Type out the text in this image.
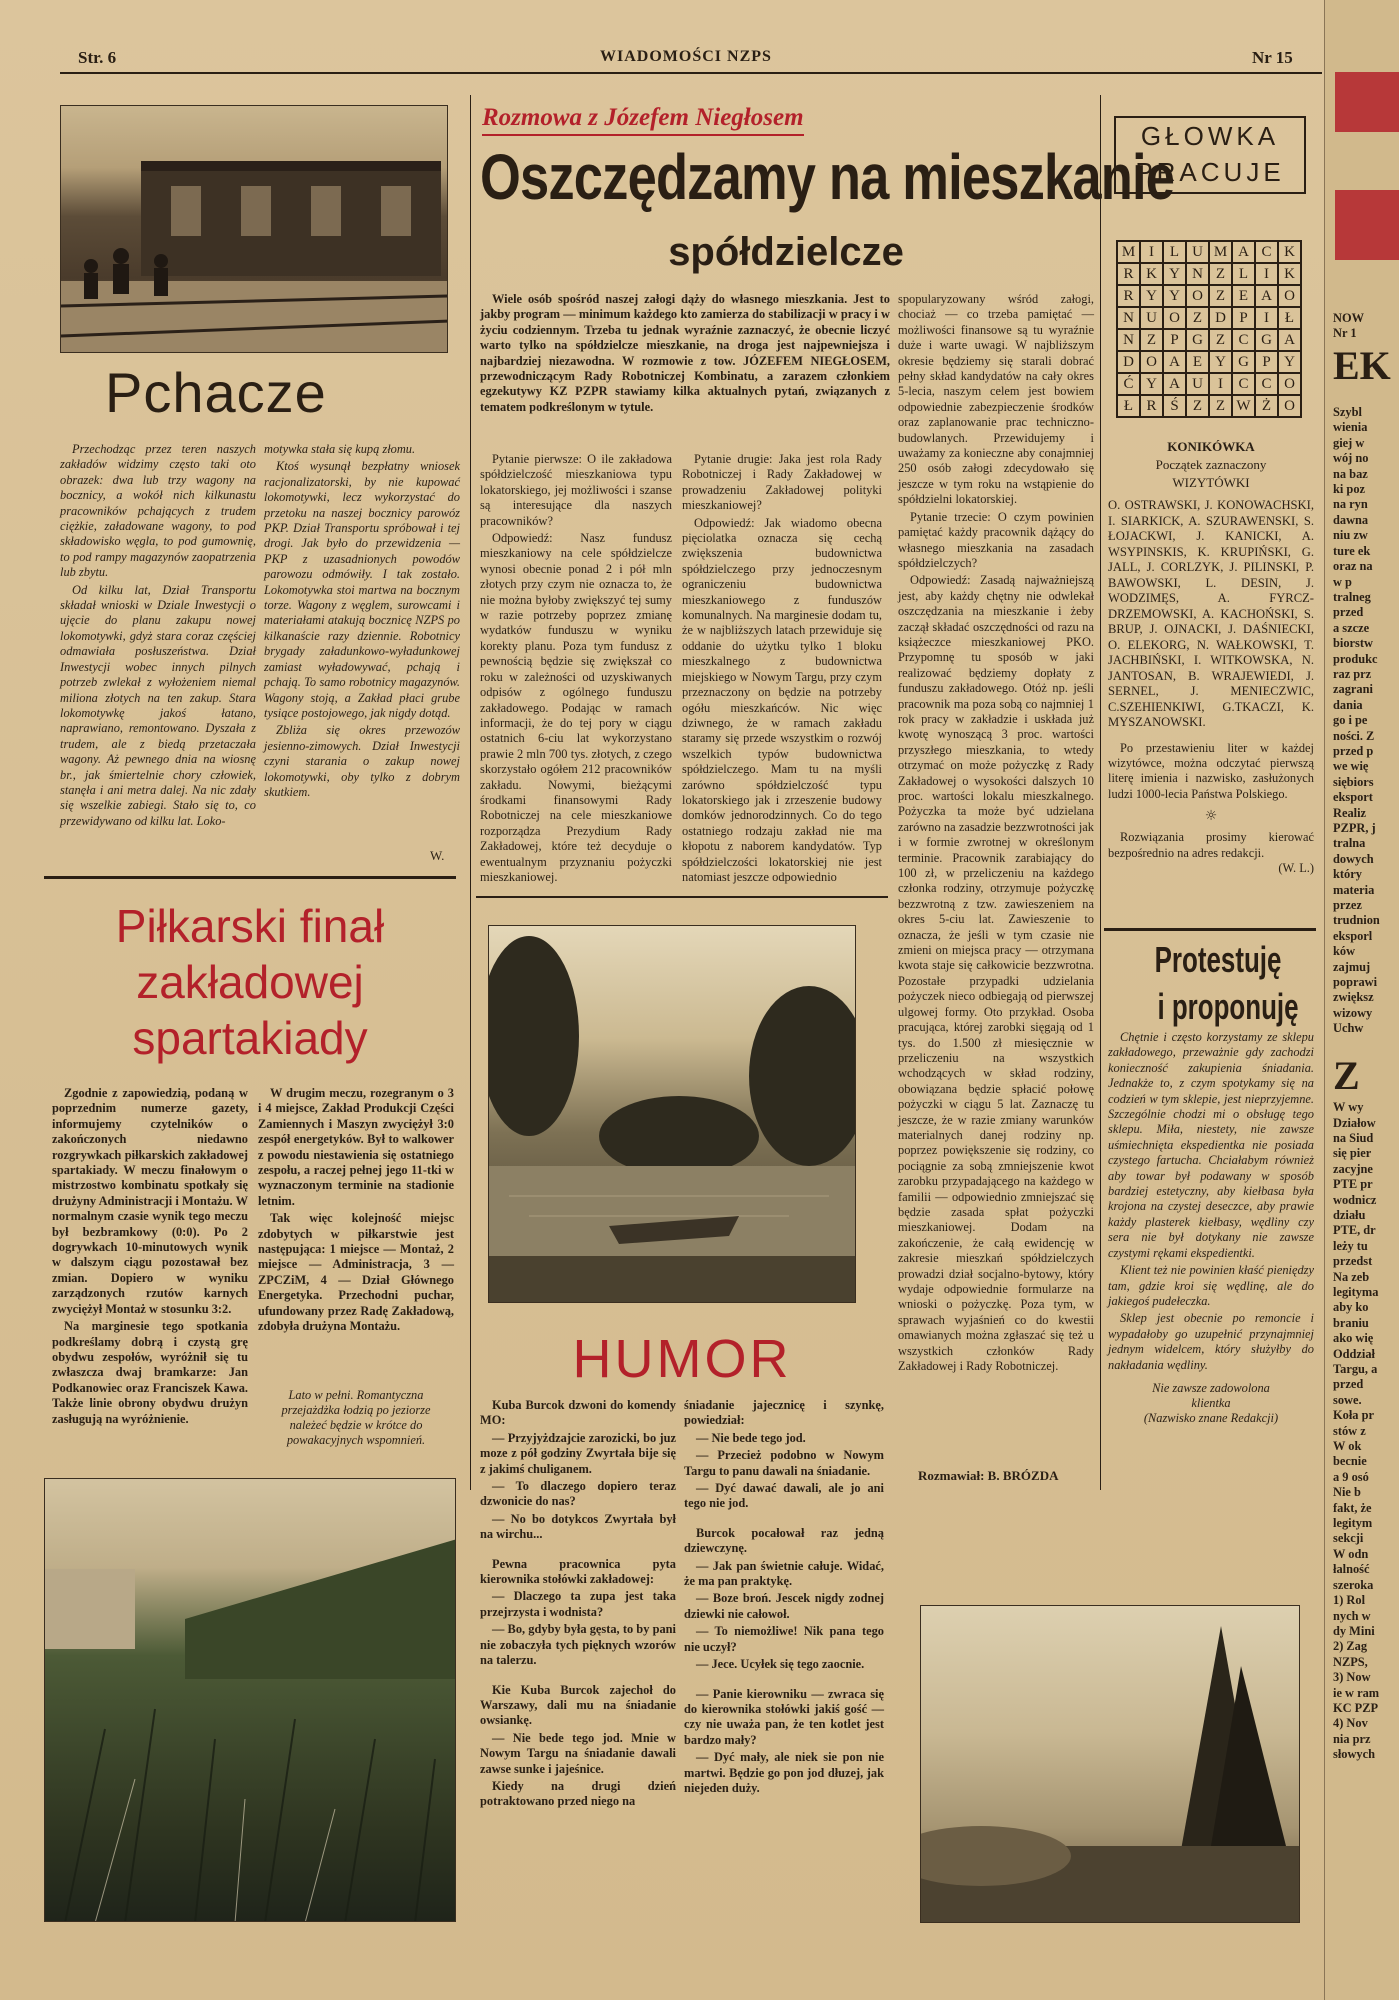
Str. 6	WIADOMOŚCI NZPS	Nr 15
Pchacze

Przechodząc przez teren naszych zakładów widzimy często taki oto obrazek: dwa lub trzy wagony na bocznicy, a wokół nich kilkunastu pracowników pchających z trudem ciężkie, załadowane wagony, to pod składowisko węgla, to pod gumownię, to pod rampy magazynów zaopatrzenia lub zbytu.

Od kilku lat, Dział Transportu składał wnioski w Dziale Inwestycji o ujęcie do planu zakupu nowej lokomotywki, gdyż stara coraz częściej odmawiała posłuszeństwa. Dział Inwestycji wobec innych pilnych potrzeb zwlekał z wyłożeniem niemal miliona złotych na ten zakup. Stara lokomotywkę jakoś łatano, naprawiano, remontowano. Dyszała z trudem, ale z biedą przetaczała wagony. Aż pewnego dnia na wiosnę br., jak śmiertelnie chory człowiek, stanęła i ani metra dalej. Na nic zdały się wszelkie zabiegi. Stało się to, co przewidywano od kilku lat. Loko-

motywka stała się kupą złomu.

Ktoś wysunął bezpłatny wniosek racjonalizatorski, by nie kupować lokomotywki, lecz wykorzystać do przetoku na naszej bocznicy parowóz PKP. Dział Transportu spróbował i tej drogi. Jak było do przewidzenia — PKP z uzasadnionych powodów parowozu odmówiły. I tak zostało. Lokomotywka stoi martwa na bocznym torze. Wagony z węglem, surowcami i materiałami atakują bocznicę NZPS po kilkanaście razy dziennie. Robotnicy brygady załadunkowo-wyładunkowej zamiast wyładowywać, pchają i pchają. To samo robotnicy magazynów. Wagony stoją, a Zakład płaci grube tysiące postojowego, jak nigdy dotąd.

Zbliża się okres przewozów jesienno-zimowych. Dział Inwestycji czyni starania o zakup nowej lokomotywki, oby tylko z dobrym skutkiem.

W.
Piłkarski finał
zakładowej
spartakiady

Zgodnie z zapowiedzią, podaną w poprzednim numerze gazety, informujemy czytelników o zakończonych niedawno rozgrywkach piłkarskich zakładowej spartakiady. W meczu finałowym o mistrzostwo kombinatu spotkały się drużyny Administracji i Montażu. W normalnym czasie wynik tego meczu był bezbramkowy (0:0). Po 2 dogrywkach 10-minutowych wynik w dalszym ciągu pozostawał bez zmian. Dopiero w wyniku zarządzonych rzutów karnych zwyciężył Montaż w stosunku 3:2.

Na marginesie tego spotkania podkreślamy dobrą i czystą grę obydwu zespołów, wyróżnił się tu zwłaszcza dwaj bramkarze: Jan Podkanowiec oraz Franciszek Kawa. Także linie obrony obydwu drużyn zasługują na wyróżnienie.

W drugim meczu, rozegranym o 3 i 4 miejsce, Zakład Produkcji Części Zamiennych i Maszyn zwyciężył 3:0 zespół energetyków. Był to walkower z powodu niestawienia się ostatniego zespołu, a raczej pełnej jego 11-tki w wyznaczonym terminie na stadionie letnim.

Tak więc kolejność miejsc zdobytych w piłkarstwie jest następująca: 1 miejsce — Montaż, 2 miejsce — Administracja, 3 — ZPCZiM, 4 — Dział Głównego Energetyka. Przechodni puchar, ufundowany przez Radę Zakładową, zdobyła drużyna Montażu.

Lato w pełni. Romantyczna przejażdżka łodzią po jeziorze należeć będzie w krótce do powakacyjnych wspomnień.
Rozmowa z Józefem Niegłosem
Oszczędzamy na mieszkanie
spółdzielcze

Wiele osób spośród naszej załogi dąży do własnego mieszkania. Jest to jakby program — minimum każdego kto zamierza do stabilizacji w pracy i w życiu codziennym. Trzeba tu jednak wyraźnie zaznaczyć, że obecnie liczyć warto tylko na spółdzielcze mieszkanie, na droga jest najpewniejsza i najbardziej niezawodna. W rozmowie z tow. JÓZEFEM NIEGŁOSEM, przewodniczącym Rady Robotniczej Kombinatu, a zarazem członkiem egzekutywy KZ PZPR stawiamy kilka aktualnych pytań, związanych z tematem podkreślonym w tytule.

Pytanie pierwsze: O ile zakładowa spółdzielczość mieszkaniowa typu lokatorskiego, jej możliwości i szanse są interesujące dla naszych pracowników?

Odpowiedź: Nasz fundusz mieszkaniowy na cele spółdzielcze wynosi obecnie ponad 2 i pół mln złotych przy czym nie oznacza to, że nie można byłoby zwiększyć tej sumy w razie potrzeby poprzez zmianę wydatków funduszu w wyniku korekty planu. Poza tym fundusz z pewnością będzie się zwiększał co roku w zależności od uzyskiwanych odpisów z ogólnego funduszu zakładowego. Podając w ramach informacji, że do tej pory w ciągu ostatnich 6-ciu lat wykorzystano prawie 2 mln 700 tys. złotych, z czego skorzystało ogółem 212 pracowników zakładu. Nowymi, bieżącymi środkami finansowymi Rady Robotniczej na cele mieszkaniowe rozporządza Prezydium Rady Zakładowej, które też decyduje o ewentualnym przyznaniu pożyczki mieszkaniowej.

Pytanie drugie: Jaka jest rola Rady Robotniczej i Rady Zakładowej w prowadzeniu Zakładowej polityki mieszkaniowej?

Odpowiedź: Jak wiadomo obecna pięciolatka oznacza się cechą zwiększenia budownictwa spółdzielczego przy jednoczesnym ograniczeniu budownictwa mieszkaniowego z funduszów komunalnych. Na marginesie dodam tu, że w najbliższych latach przewiduje się oddanie do użytku tylko 1 bloku mieszkalnego z budownictwa miejskiego w Nowym Targu, przy czym przeznaczony on będzie na potrzeby ogółu mieszkańców. Nic więc dziwnego, że w ramach zakładu staramy się przede wszystkim o rozwój wszelkich typów budownictwa spółdzielczego. Mam tu na myśli zarówno spółdzielczość typu lokatorskiego jak i zrzeszenie budowy domków jednorodzinnych. Co do tego ostatniego rodzaju zakład nie ma kłopotu z naborem kandydatów. Typ spółdzielczości lokatorskiej nie jest natomiast jeszcze odpowiednio

spopularyzowany wśród załogi, chociaż — co trzeba pamiętać — możliwości finansowe są tu wyraźnie duże i warte uwagi. W najbliższym okresie będziemy się starali dobrać pełny skład kandydatów na cały okres 5-lecia, naszym celem jest bowiem odpowiednie zabezpieczenie środków oraz zaplanowanie prac techniczno-budowlanych. Przewidujemy i uważamy za konieczne aby conajmniej 250 osób załogi zdecydowało się jeszcze w tym roku na wstąpienie do spółdzielni lokatorskiej.

Pytanie trzecie: O czym powinien pamiętać każdy pracownik dążący do własnego mieszkania na zasadach spółdzielczych?

Odpowiedź: Zasadą najważniejszą jest, aby każdy chętny nie odwlekał oszczędzania na mieszkanie i żeby zaczął składać oszczędności od razu na książeczce mieszkaniowej PKO. Przypomnę tu sposób w jaki realizować będziemy dopłaty z funduszu zakładowego. Otóż np. jeśli pracownik ma poza sobą co najmniej 1 rok pracy w zakładzie i uskłada już kwotę wynoszącą 3 proc. wartości przyszłego mieszkania, to wtedy otrzymać on może pożyczkę z Rady Zakładowej o wysokości dalszych 10 proc. wartości lokalu mieszkalnego. Pożyczka ta może być udzielana zarówno na zasadzie bezzwrotności jak i w formie zwrotnej w określonym terminie. Pracownik zarabiający do 100 zł, w przeliczeniu na każdego członka rodziny, otrzymuje pożyczkę bezzwrotną z tzw. zawieszeniem na okres 5-ciu lat. Zawieszenie to oznacza, że jeśli w tym czasie nie zmieni on miejsca pracy — otrzymana kwota staje się całkowicie bezzwrotna. Pozostałe przypadki udzielania pożyczek nieco odbiegają od pierwszej ulgowej formy. Oto przykład. Osoba pracująca, której zarobki sięgają od 1 tys. do 1.500 zł miesięcznie w przeliczeniu na wszystkich wchodzących w skład rodziny, obowiązana będzie spłacić połowę pożyczki w ciągu 5 lat. Zaznaczę tu jeszcze, że w razie zmiany warunków materialnych danej rodziny np. poprzez powiększenie się rodziny, co pociągnie za sobą zmniejszenie kwot zarobku przypadającego na każdego w familii — odpowiednio zmniejszać się będzie zasada spłat pożyczki mieszkaniowej. Dodam na zakończenie, że całą ewidencję w zakresie mieszkań spółdzielczych prowadzi dział socjalno-bytowy, który wydaje odpowiednie formularze na wnioski o pożyczkę. Poza tym, w sprawach wyjaśnień co do kwestii omawianych można zgłaszać się też u wszystkich członków Rady Zakładowej i Rady Robotniczej.

Rozmawiał: B. BRÓZDA
HUMOR

Kuba Burcok dzwoni do komendy MO:

— Przyjyżdzajcie zarozicki, bo juz moze z pół godziny Zwyrtała bije się z jakimś chuliganem.

— To dlaczego dopiero teraz dzwonicie do nas?

— No bo dotykcos Zwyrtała był na wirchu...

Pewna pracownica pyta kierownika stołówki zakładowej:

— Dlaczego ta zupa jest taka przejrzysta i wodnista?

— Bo, gdyby była gęsta, to by pani nie zobaczyła tych pięknych wzorów na talerzu.

Kie Kuba Burcok zajechoł do Warszawy, dali mu na śniadanie owsiankę.

— Nie bede tego jod. Mnie w Nowym Targu na śniadanie dawali zawse sunke i jajeśnice.

Kiedy na drugi dzień potraktowano przed niego na

śniadanie jajecznicę i szynkę, powiedział:

— Nie bede tego jod.

— Przecież podobno w Nowym Targu to panu dawali na śniadanie.

— Dyć dawać dawali, ale jo ani tego nie jod.

Burcok pocałował raz jedną dziewczynę.

— Jak pan świetnie całuje. Widać, że ma pan praktykę.

— Boze broń. Jescek nigdy zodnej dziewki nie całowoł.

— To niemożliwe! Nik pana tego nie uczył?

— Jece. Ucyłek się tego zaocnie.

— Panie kierowniku — zwraca się do kierownika stołówki jakiś gość — czy nie uważa pan, że ten kotlet jest bardzo mały?

— Dyć mały, ale niek sie pon nie martwi. Będzie go pon jod dłuzej, jak niejeden duży.

GŁOWKA
PRACUJE
M I	L U M A C K
R K Y N Z L	I	K
R Y Y O Z E A O
N U O Z D P	I	Ł
N Z P G Z C G A
D O A E Y G P Y
Ć Y A U	I	C C O
Ł R Ś Z Z W Ż O
KONIKÓWKA
Początek zaznaczony
WIZYTÓWKI

O. OSTRAWSKI, J. KONOWACHSKI, I. SIARKICK, A. SZURAWENSKI, S. ŁOJACKWI, J. KANICKI, A. WSYPINSKIS, K. KRUPIŃSKI, G. JALL, J. CORLZYK, J. PILINSKI, P. BAWOWSKI, L. DESIN, J. WODZIMĘS, A. FYRCZ-DRZEMOWSKI, A. KACHOŃSKI, S. BRUP, J. OJNACKI, J. DAŚNIECKI, O. ELEKORG, N. WAŁKOWSKI, T. JACHBIŃSKI, I. WITKOWSKA, N. JANTOSAN, B. WRAJEWIEDI, J. SERNEL, J. MENIECZWIC, C.SZEHIENKIWI, G.TKACZI, K. MYSZANOWSKI.

Po przestawieniu liter w każdej wizytówce, można odczytać pierwszą literę imienia i nazwisko, zasłużonych ludzi 1000-lecia Państwa Polskiego.

☼

Rozwiązania prosimy kierować bezpośrednio na adres redakcji.

(W. L.)
Protestuję
i proponuję

Chętnie i często korzystamy ze sklepu zakładowego, przeważnie gdy zachodzi konieczność zakupienia śniadania. Jednakże to, z czym spotykamy się na codzień w tym sklepie, jest nieprzyjemne. Szczególnie chodzi mi o obsługę tego sklepu. Miła, niestety, nie zawsze uśmiechnięta ekspedientka nie posiada czystego fartucha. Chciałabym również aby towar był podawany w sposób bardziej estetyczny, aby kiełbasa była krojona na czystej deseczce, aby prawie każdy plasterek kiełbasy, wędliny czy sera nie był dotykany nie zawsze czystymi rękami ekspedientki.

Klient też nie powinien kłaść pieniędzy tam, gdzie kroi się wędlinę, ale do jakiegoś pudełeczka.

Sklep jest obecnie po remoncie i wypadałoby go uzupełnić przynajmniej jednym widelcem, który służyłby do nakładania wędliny.

Nie zawsze zadowolona
klientka
(Nazwisko znane Redakcji)

NOW
Nr 1
EK

Szybl
wienia
giej w
wój no
na baz
ki poz
na ryn
dawna
niu zw
ture ek
oraz na
w p
tralneg
przed
a szcze
biorstw
produkc
raz prz
zagrani
dania
go i pe
ności. Z
przed p
we wię
siębiors
eksport
Realiz
PZPR, j
tralna
dowych
który
materia
przez
trudnion
eksporl
ków
zajmuj
poprawi
zwiększ
wizowy
Uchw

Z
W wy
Działow
na Siud
się pier
zacyjne
PTE pr
wodnicz
działu
PTE, dr
leży tu
przedst
Na zeb
legityma
aby ko
braniu
ako wię
Oddział
Targu, a
przed
sowe.
Koła pr
stów z
W ok
becnie
a 9 osó
Nie b
fakt, że
legitym
sekcji
W odn
łalność
szeroka
1) Rol
nych w
dy Mini
2) Zag
NZPS,
3) Now
ie w ram
KC PZP
4) Nov
nia prz
słowych
